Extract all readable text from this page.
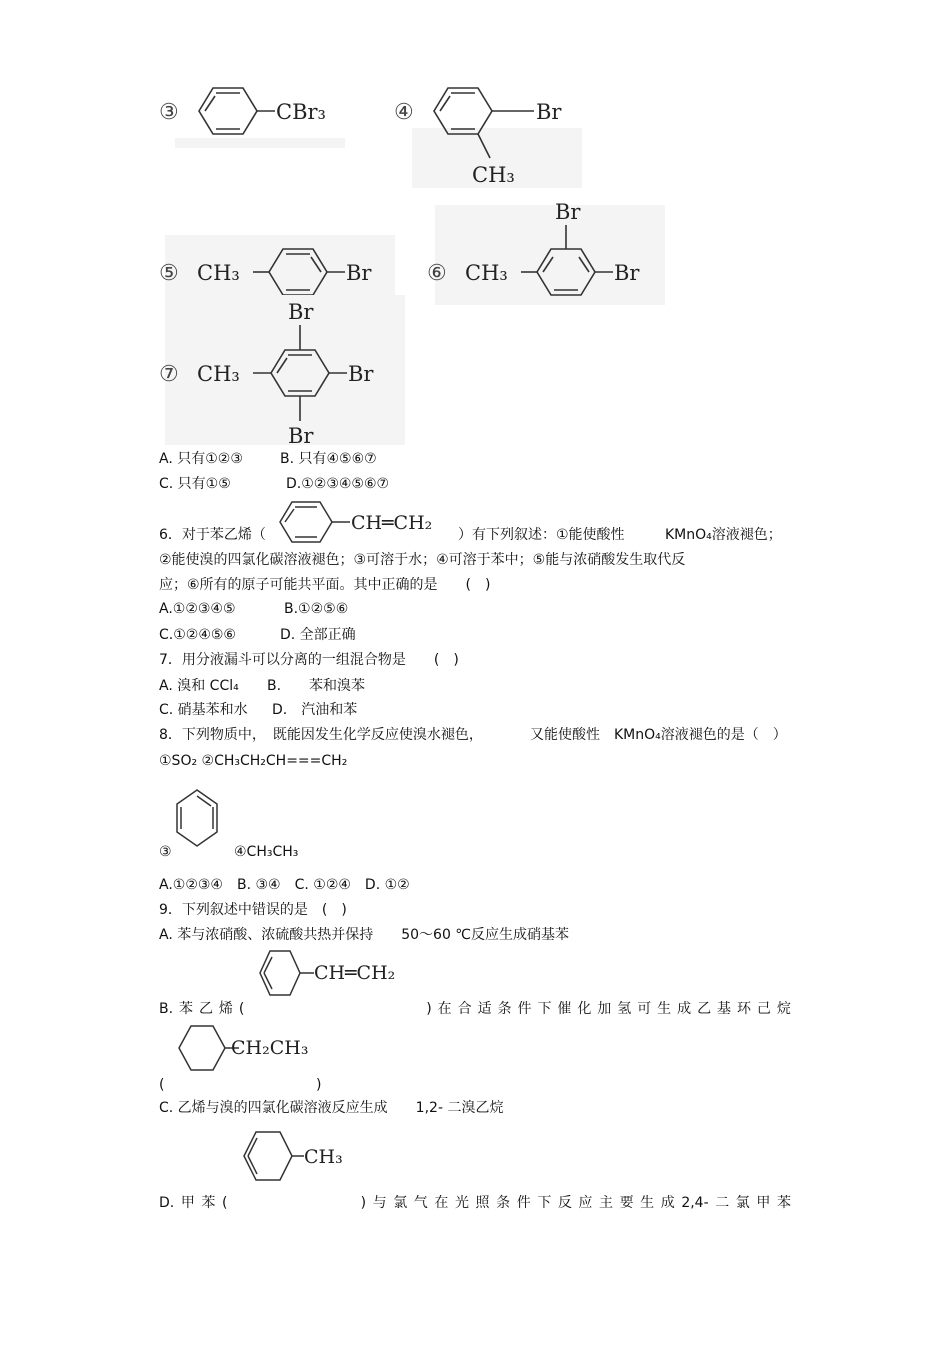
③	CBr₃	④	Br
CH₃
⑤ CH₃	Br	⑥ CH₃
Br
Br
⑦ CH₃
Br
Br
Br
A. 只有①②③	B. 只有④⑤⑥⑦
C. 只有①⑤	D.①②③④⑤⑥⑦
6．对于苯乙烯（
CH═CH₂
）有下列叙述：①能使酸性	KMnO₄溶液褪色；
②能使溴的四氯化碳溶液褪色；③可溶于水；④可溶于苯中；⑤能与浓硝酸发生取代反
应；⑥所有的原子可能共平面。其中正确的是　　(　)
A.①②③④⑤	B.①②⑤⑥
C.①②④⑤⑥	D. 全部正确
7．用分液漏斗可以分离的一组混合物是　　(　)
A. 溴和 CCl₄ B.　　苯和溴苯
C. 硝基苯和水 D.　汽油和苯
8．下列物质中，　既能因发生化学反应使溴水褪色，	又能使酸性　KMnO₄溶液褪色的是（　）
①SO₂ ②CH₃CH₂CH===CH₂
③	④CH₃CH₃
A.①②③④　B. ③④　C. ①②④　D. ①②
9．下列叙述中错误的是　(　)
A. 苯与浓硝酸、浓硫酸共热并保持　　50～60 ℃反应生成硝基苯
CH═CH₂
B. 苯 乙 烯 (	) 在 合 适 条 件 下 催 化 加 氢 可 生 成 乙 基 环 己 烷
CH₂CH₃
(	)
C. 乙烯与溴的四氯化碳溶液反应生成　　1,2- 二溴乙烷
CH₃
D. 甲 苯 (	) 与 氯 气 在 光 照 条 件 下 反 应 主 要 生 成 2,4- 二 氯 甲 苯
